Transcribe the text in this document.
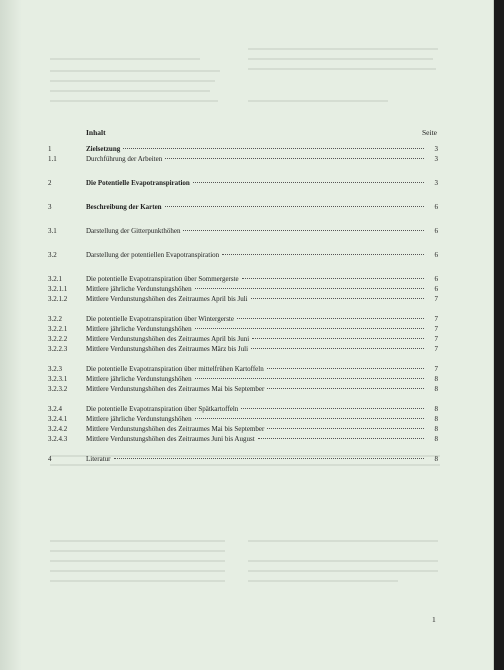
Inhalt	Seite
1	Zielsetzung	3
1.1	Durchführung der Arbeiten	3
2	Die Potentielle Evapotranspiration	3
3	Beschreibung der Karten	6
3.1	Darstellung der Gitterpunkthöhen	6
3.2	Darstellung der potentiellen Evapotranspiration	6
3.2.1	Die potentielle Evapotranspiration über Sommergerste	6
3.2.1.1	Mittlere jährliche Verdunstungshöhen	6
3.2.1.2	Mittlere Verdunstungshöhen des Zeitraumes April bis Juli	7
3.2.2	Die potentielle Evapotranspiration über Wintergerste	7
3.2.2.1	Mittlere jährliche Verdunstungshöhen	7
3.2.2.2	Mittlere Verdunstungshöhen des Zeitraumes April bis Juni	7
3.2.2.3	Mittlere Verdunstungshöhen des Zeitraumes März bis Juli	7
3.2.3	Die potentielle Evapotranspiration über mittelfrühen Kartoffeln	7
3.2.3.1	Mittlere jährliche Verdunstungshöhen	8
3.2.3.2	Mittlere Verdunstungshöhen des Zeitraumes Mai bis September	8
3.2.4	Die potentielle Evapotranspiration über Spätkartoffeln	8
3.2.4.1	Mittlere jährliche Verdunstungshöhen	8
3.2.4.2	Mittlere Verdunstungshöhen des Zeitraumes Mai bis September	8
3.2.4.3	Mittlere Verdunstungshöhen des Zeitraumes Juni bis August	8
4	Literatur	8
1
